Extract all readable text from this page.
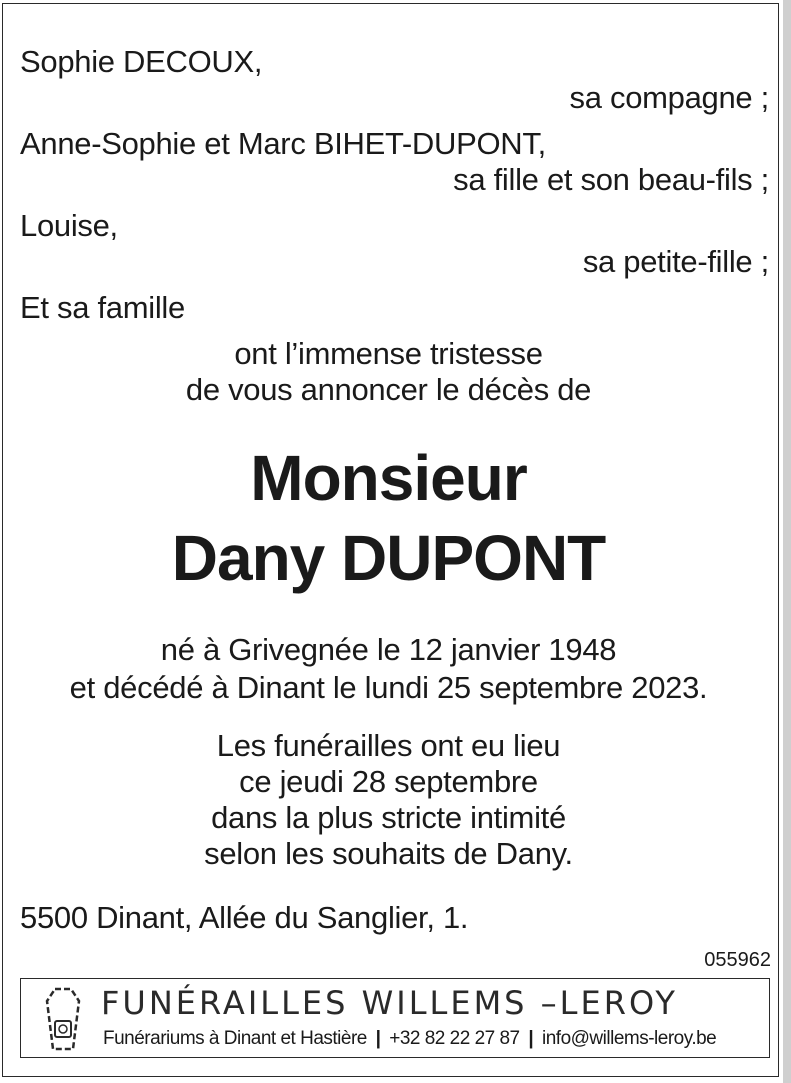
Sophie DECOUX,
sa compagne ;
Anne-Sophie et Marc BIHET-DUPONT,
sa fille et son beau-fils ;
Louise,
sa petite-fille ;
Et sa famille
ont l’immense tristesse
de vous annoncer le décès de
Monsieur
Dany DUPONT
né à Grivegnée le 12 janvier 1948
et décédé à Dinant le lundi 25 septembre 2023.
Les funérailles ont eu lieu
ce jeudi 28 septembre
dans la plus stricte intimité
selon les souhaits de Dany.
5500 Dinant, Allée du Sanglier, 1.
055962
FUNÉRAILLES WILLEMS –LEROY
Funérariums à Dinant et Hastière | +32 82 22 27 87 | info@willems-leroy.be
